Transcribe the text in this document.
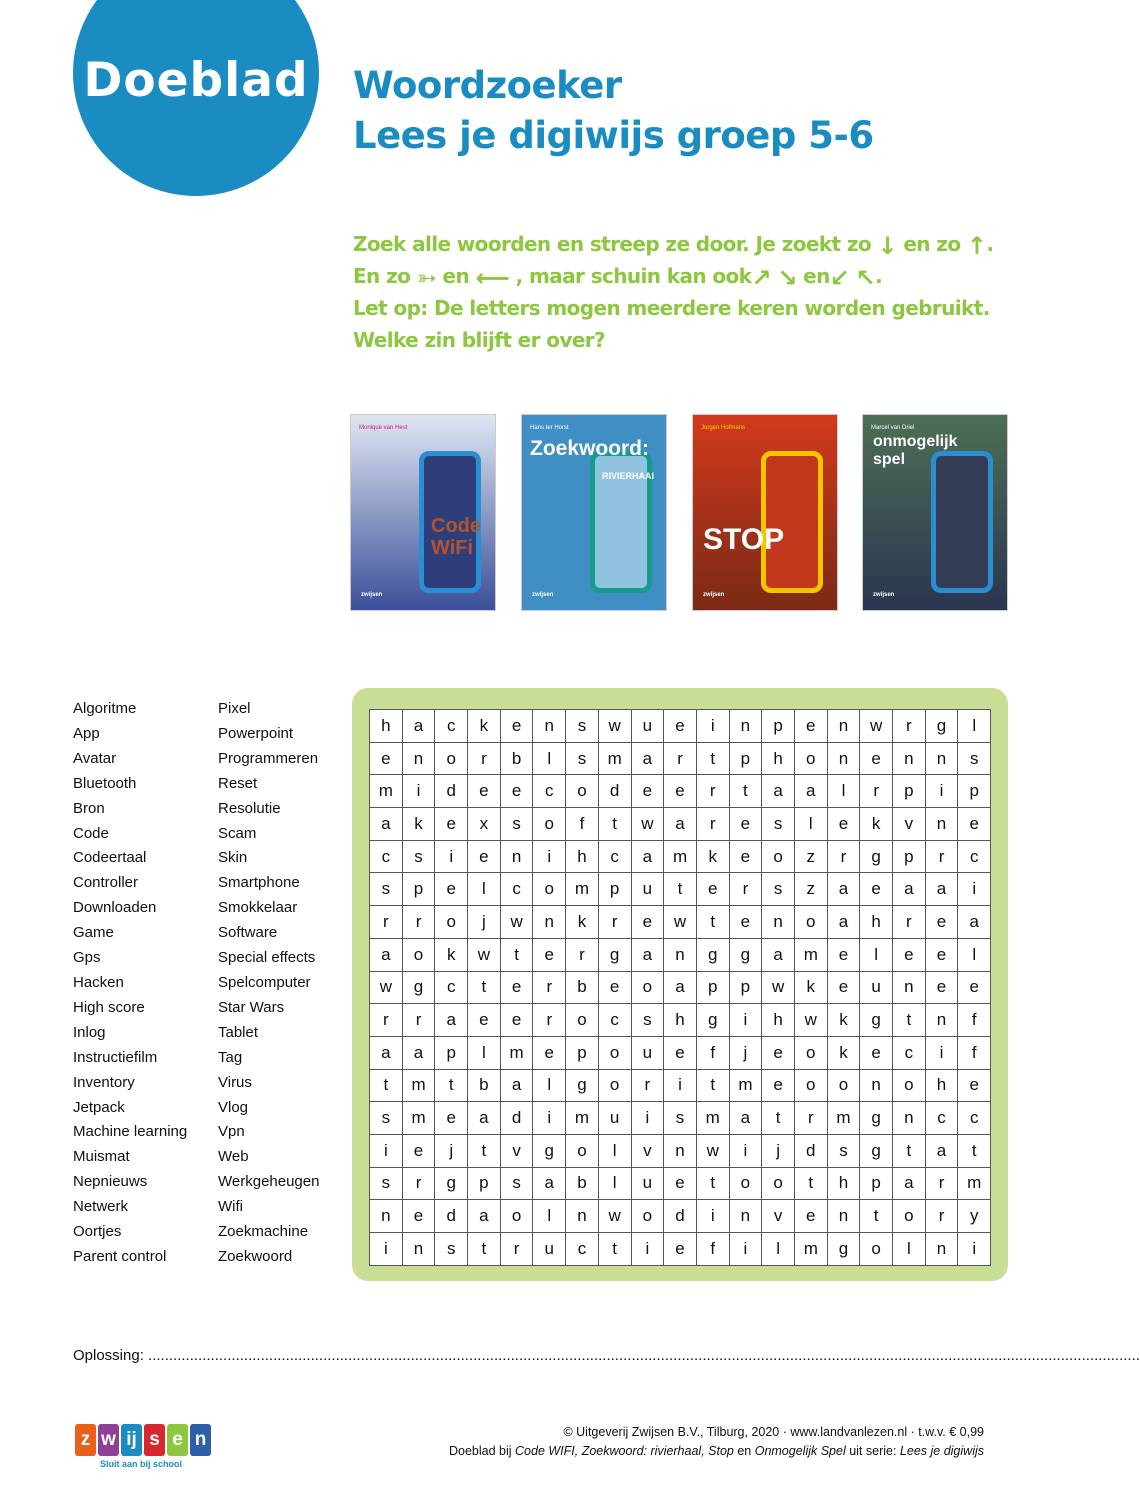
Doeblad Woordzoeker
Lees je digiwijs groep 5-6
Zoek alle woorden en streep ze door. Je zoekt zo ↓ en zo ↑.
En zo ➳ en ⟵ , maar schuin kan ook↗ ↘ en↙ ↖.
Let op: De letters mogen meerdere keren worden gebruikt.
Welke zin blijft er over?
Monique van Hest
Code WiFi
zwijsen
Hans ter Horst
Zoekwoord:
RIVIERHAAI
zwijsen
Jorgen Hofmans
STOP
zwijsen
Marcel van Driel
onmogelijk spel
zwijsen
Algoritme
App
Avatar
Bluetooth
Bron
Code
Codeertaal
Controller
Downloaden
Game
Gps
Hacken
High score
Inlog
Instructiefilm
Inventory
Jetpack
Machine learning
Muismat
Nepnieuws
Netwerk
Oortjes
Parent control
Pixel
Powerpoint
Programmeren
Reset
Resolutie
Scam
Skin
Smartphone
Smokkelaar
Software
Special effects
Spelcomputer
Star Wars
Tablet
Tag
Virus
Vlog
Vpn
Web
Werkgeheugen
Wifi
Zoekmachine
Zoekwoord
h	a	c	k	e	n	s	w	u	e	i	n	p	e	n	w	r	g	l
e	n	o	r	b	l	s	m	a	r	t	p	h	o	n	e	n	n	s
m	i	d	e	e	c	o	d	e	e	r	t	a	a	l	r	p	i	p
a	k	e	x	s	o	f	t	w	a	r	e	s	l	e	k	v	n	e
c	s	i	e	n	i	h	c	a	m	k	e	o	z	r	g	p	r	c
s	p	e	l	c	o	m	p	u	t	e	r	s	z	a	e	a	a	i
r	r	o	j	w	n	k	r	e	w	t	e	n	o	a	h	r	e	a
a	o	k	w	t	e	r	g	a	n	g	g	a	m	e	l	e	e	l
w	g	c	t	e	r	b	e	o	a	p	p	w	k	e	u	n	e	e
r	r	a	e	e	r	o	c	s	h	g	i	h	w	k	g	t	n	f
a	a	p	l	m	e	p	o	u	e	f	j	e	o	k	e	c	i	f
t	m	t	b	a	l	g	o	r	i	t	m	e	o	o	n	o	h	e
s	m	e	a	d	i	m	u	i	s	m	a	t	r	m	g	n	c	c
i	e	j	t	v	g	o	l	v	n	w	i	j	d	s	g	t	a	t
s	r	g	p	s	a	b	l	u	e	t	o	o	t	h	p	a	r	m
n	e	d	a	o	l	n	w	o	d	i	n	v	e	n	t	o	r	y
i	n	s	t	r	u	c	t	i	e	f	i	l	m	g	o	l	n	i
Oplossing: ..............................................................................................................................................................................................................................................
z w ij s e n
Sluit aan bij school
© Uitgeverij Zwijsen B.V., Tilburg, 2020 · www.landvanlezen.nl · t.w.v. € 0,99
Doeblad bij Code WIFI, Zoekwoord: rivierhaal, Stop en Onmogelijk Spel uit serie: Lees je digiwijs
